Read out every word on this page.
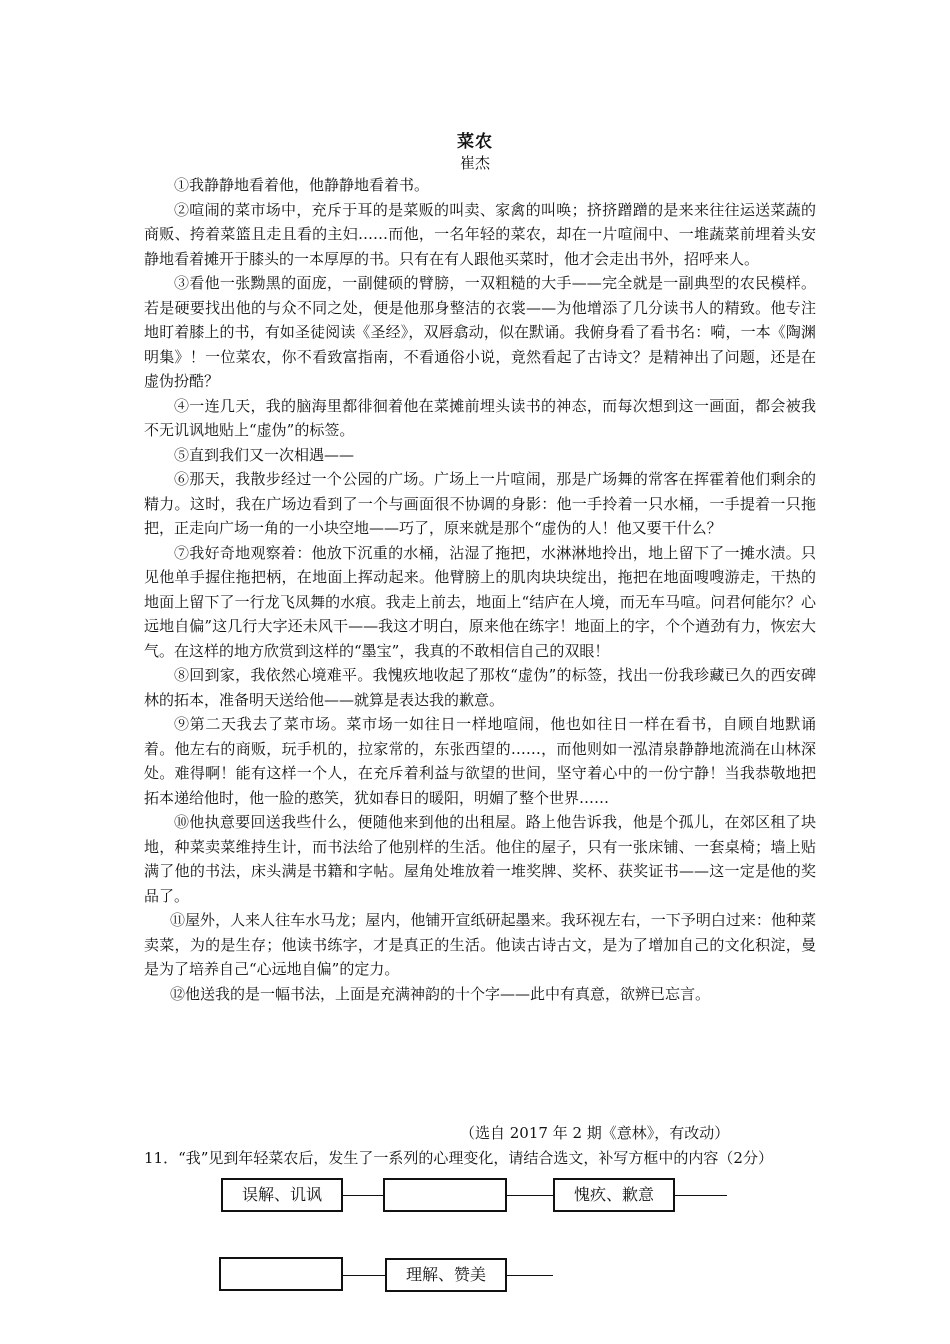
菜农
崔杰

①我静静地看着他，他静静地看着书。

②喧闹的菜市场中，充斥于耳的是菜贩的叫卖、家禽的叫唤；挤挤蹭蹭的是来来往往运送菜蔬的商贩、挎着菜篮且走且看的主妇……而他，一名年轻的菜农，却在一片喧闹中、一堆蔬菜前埋着头安静地看着摊开于膝头的一本厚厚的书。只有在有人跟他买菜时，他才会走出书外，招呼来人。

③看他一张黝黑的面庞，一副健硕的臂膀，一双粗糙的大手——完全就是一副典型的农民模样。若是硬要找出他的与众不同之处，便是他那身整洁的衣裳——为他增添了几分读书人的精致。他专注地盯着膝上的书，有如圣徒阅读《圣经》，双唇翕动，似在默诵。我俯身看了看书名：嗬，一本《陶渊明集》！一位菜农，你不看致富指南，不看通俗小说，竟然看起了古诗文？是精神出了问题，还是在虚伪扮酷？

④一连几天，我的脑海里都徘徊着他在菜摊前埋头读书的神态，而每次想到这一画面，都会被我不无讥讽地贴上“虚伪”的标签。

⑤直到我们又一次相遇——

⑥那天，我散步经过一个公园的广场。广场上一片喧闹，那是广场舞的常客在挥霍着他们剩余的精力。这时，我在广场边看到了一个与画面很不协调的身影：他一手拎着一只水桶，一手提着一只拖把，正走向广场一角的一小块空地——巧了，原来就是那个“虚伪的人！他又要干什么？

⑦我好奇地观察着：他放下沉重的水桶，沾湿了拖把，水淋淋地拎出，地上留下了一摊水渍。只见他单手握住拖把柄，在地面上挥动起来。他臂膀上的肌肉块块绽出，拖把在地面嗖嗖游走，干热的地面上留下了一行龙飞凤舞的水痕。我走上前去，地面上“结庐在人境，而无车马喧。问君何能尔？心远地自偏”这几行大字还未风干——我这才明白，原来他在练字！地面上的字，个个遒劲有力，恢宏大气。在这样的地方欣赏到这样的“墨宝”，我真的不敢相信自己的双眼！

⑧回到家，我依然心境难平。我愧疚地收起了那枚“虚伪”的标签，找出一份我珍藏已久的西安碑林的拓本，准备明天送给他——就算是表达我的歉意。

⑨第二天我去了菜市场。菜市场一如往日一样地喧闹，他也如往日一样在看书，自顾自地默诵着。他左右的商贩，玩手机的，拉家常的，东张西望的……，而他则如一泓清泉静静地流淌在山林深处。难得啊！能有这样一个人，在充斥着利益与欲望的世间，坚守着心中的一份宁静！当我恭敬地把拓本递给他时，他一脸的憨笑，犹如春日的暖阳，明媚了整个世界……

⑩他执意要回送我些什么，便随他来到他的出租屋。路上他告诉我，他是个孤儿，在郊区租了块地，种菜卖菜维持生计，而书法给了他别样的生活。他住的屋子，只有一张床铺、一套桌椅；墙上贴满了他的书法，床头满是书籍和字帖。屋角处堆放着一堆奖牌、奖杯、获奖证书——这一定是他的奖品了。

⑪屋外，人来人往车水马龙；屋内，他铺开宣纸研起墨来。我环视左右，一下予明白过来：他种菜卖菜，为的是生存；他读书练字，才是真正的生活。他读古诗古文，是为了增加自己的文化积淀，曼是为了培养自己“心远地自偏”的定力。

⑫他送我的是一幅书法，上面是充满神韵的十个字——此中有真意，欲辨已忘言。

（选自 2017 年 2 期《意林》，有改动）
11．“我”见到年轻菜农后，发生了一系列的心理变化，请结合选文，补写方框中的内容（2分）
误解、讥讽	愧疚、歉意
理解、赞美
